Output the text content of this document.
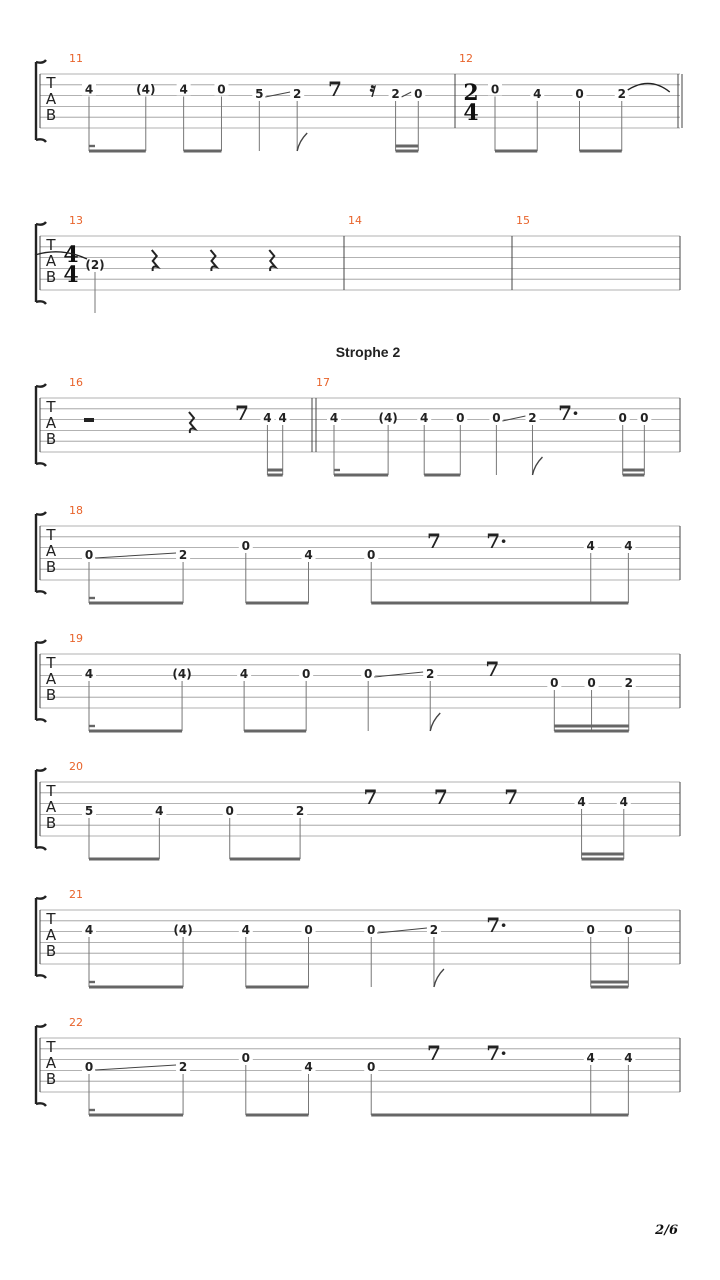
Strophe 2
2/6
T
A
B
11
4	(4) 4 0 5 2 7 𝄿 2 0
12
2
4
0	4	0	2
T
A
B
13
4
4 (2)
14	15
T
A
B
16
7 4 4
17
4	(4) 4 0 0 2 7·	0 0
T
A
B
18
0	2
0
4	0
7 7·	4 4
T
A
B
19
4	(4)	4	0	0	2	7
0 0 2
T
A
B
20
5	4	0	2
7	7	7	4	4
T
A
B
21
4	(4)	4	0	0	2 7·	0 0
T
A
B
22
0	2
0
4	0
7 7·	4 4
